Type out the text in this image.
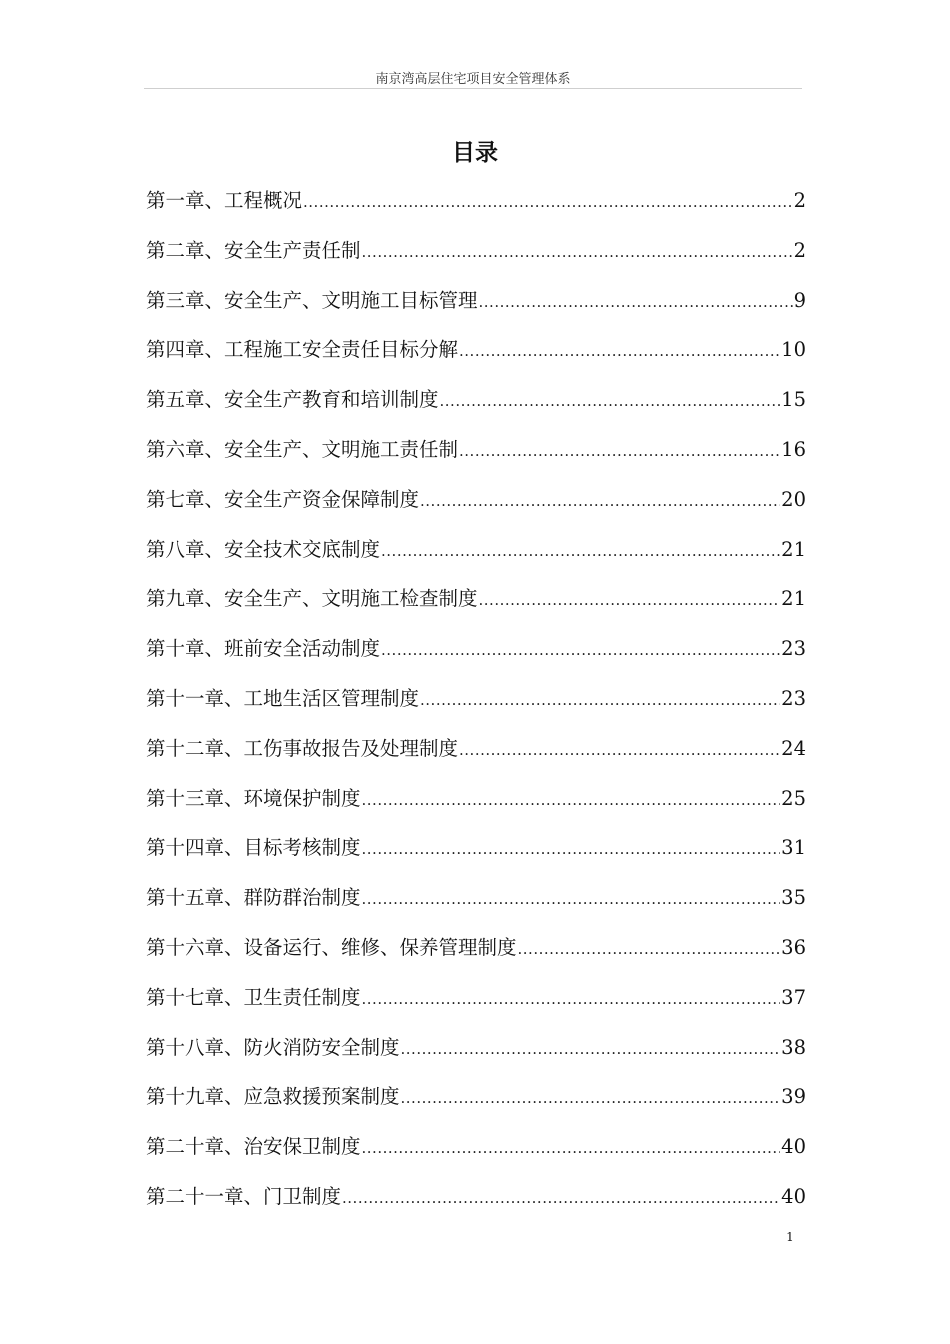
南京湾高层住宅项目安全管理体系
目录
第一章、工程概况 .....	2
第二章、安全生产责任制 .....	2
第三章、安全生产、文明施工目标管理 .....	9
第四章、工程施工安全责任目标分解 .....	10
第五章、安全生产教育和培训制度 .....	15
第六章、安全生产、文明施工责任制 .....	16
第七章、安全生产资金保障制度 .....	20
第八章、安全技术交底制度 .....	21
第九章、安全生产、文明施工检查制度 .....	21
第十章、班前安全活动制度 .....	23
第十一章、工地生活区管理制度 .....	23
第十二章、工伤事故报告及处理制度 .....	24
第十三章、环境保护制度 .....	25
第十四章、目标考核制度 .....	31
第十五章、群防群治制度 .....	35
第十六章、设备运行、维修、保养管理制度 .....	36
第十七章、卫生责任制度 .....	37
第十八章、防火消防安全制度 .....	38
第十九章、应急救援预案制度 .....	39
第二十章、治安保卫制度 .....	40
第二十一章、门卫制度 .....	40
1
